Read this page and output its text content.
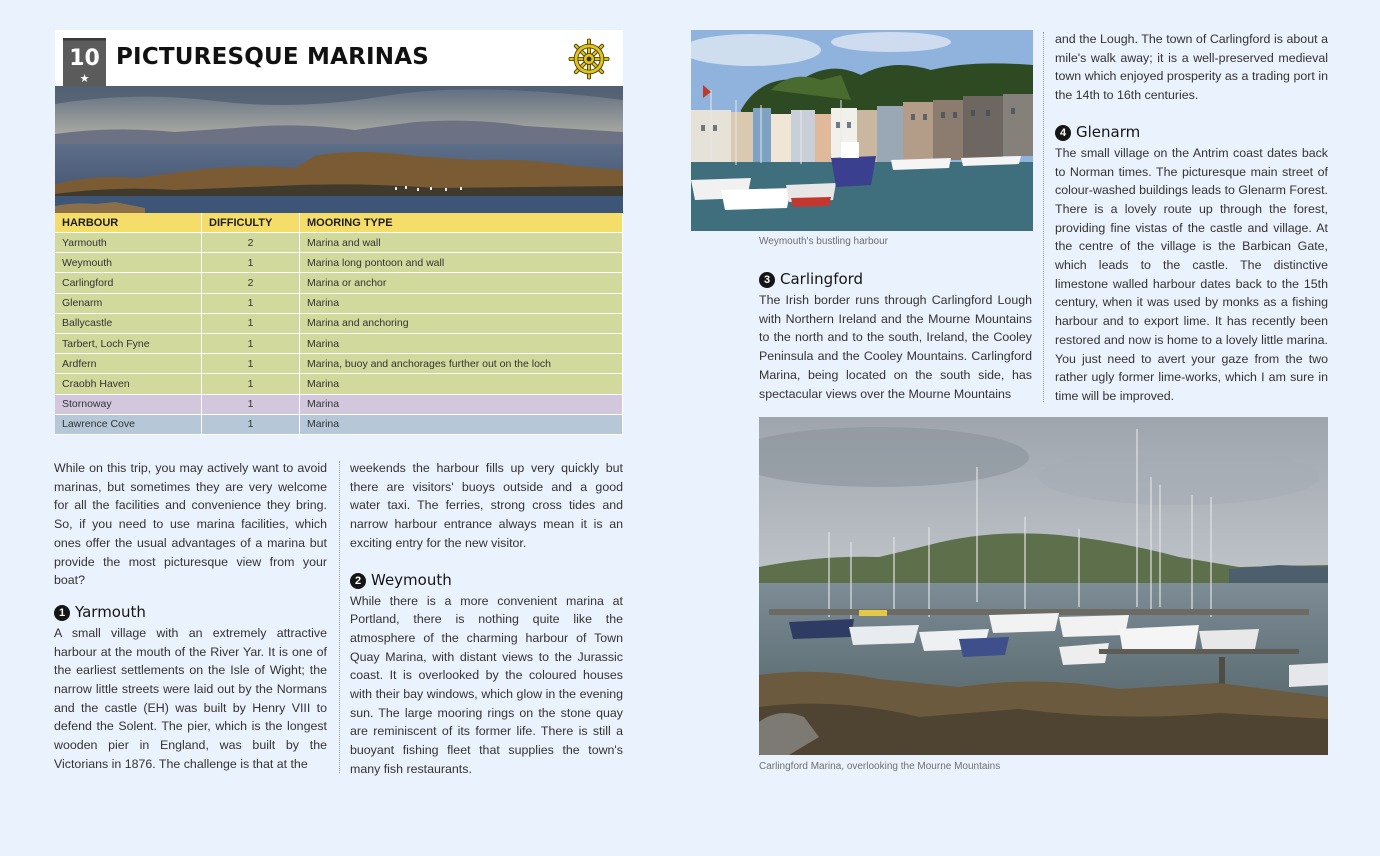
10
★
PICTURESQUE MARINAS
HARBOUR	DIFFICULTY	MOORING TYPE
Yarmouth	2	Marina and wall
Weymouth	1	Marina long pontoon and wall
Carlingford	2	Marina or anchor
Glenarm	1	Marina
Ballycastle	1	Marina and anchoring
Tarbert, Loch Fyne	1	Marina
Ardfern	1	Marina, buoy and anchorages further out on the loch
Craobh Haven	1	Marina
Stornoway	1	Marina
Lawrence Cove	1	Marina

While on this trip, you may actively want to avoid marinas, but sometimes they are very welcome for all the facilities and convenience they bring. So, if you need to use marina facilities, which ones offer the usual advantages of a marina but provide the most picturesque view from your boat?

1 Yarmouth

A small village with an extremely attractive harbour at the mouth of the River Yar. It is one of the earliest settlements on the Isle of Wight; the narrow little streets were laid out by the Normans and the castle (EH) was built by Henry VIII to defend the Solent. The pier, which is the longest wooden pier in England, was built by the Victorians in 1876. The challenge is that at the

weekends the harbour fills up very quickly but there are visitors' buoys outside and a good water taxi. The ferries, strong cross tides and narrow harbour entrance always mean it is an exciting entry for the new visitor.

2 Weymouth

While there is a more convenient marina at Portland, there is nothing quite like the atmosphere of the charming harbour of Town Quay Marina, with distant views to the Jurassic coast. It is overlooked by the coloured houses with their bay windows, which glow in the evening sun. The large mooring rings on the stone quay are reminiscent of its former life. There is still a buoyant fishing fleet that supplies the town's many fish restaurants.

Weymouth's bustling harbour
3 Carlingford

The Irish border runs through Carlingford Lough with Northern Ireland and the Mourne Mountains to the north and to the south, Ireland, the Cooley Peninsula and the Cooley Mountains. Carlingford Marina, being located on the south side, has spectacular views over the Mourne Mountains

and the Lough. The town of Carlingford is about a mile's walk away; it is a well-preserved medieval town which enjoyed prosperity as a trading port in the 14th to 16th centuries.

4 Glenarm

The small village on the Antrim coast dates back to Norman times. The picturesque main street of colour-washed buildings leads to Glenarm Forest. There is a lovely route up through the forest, providing fine vistas of the castle and village. At the centre of the village is the Barbican Gate, which leads to the castle. The distinctive limestone walled harbour dates back to the 15th century, when it was used by monks as a fishing harbour and to export lime. It has recently been restored and now is home to a lovely little marina. You just need to avert your gaze from the two rather ugly former lime-works, which I am sure in time will be improved.

Carlingford Marina, overlooking the Mourne Mountains
